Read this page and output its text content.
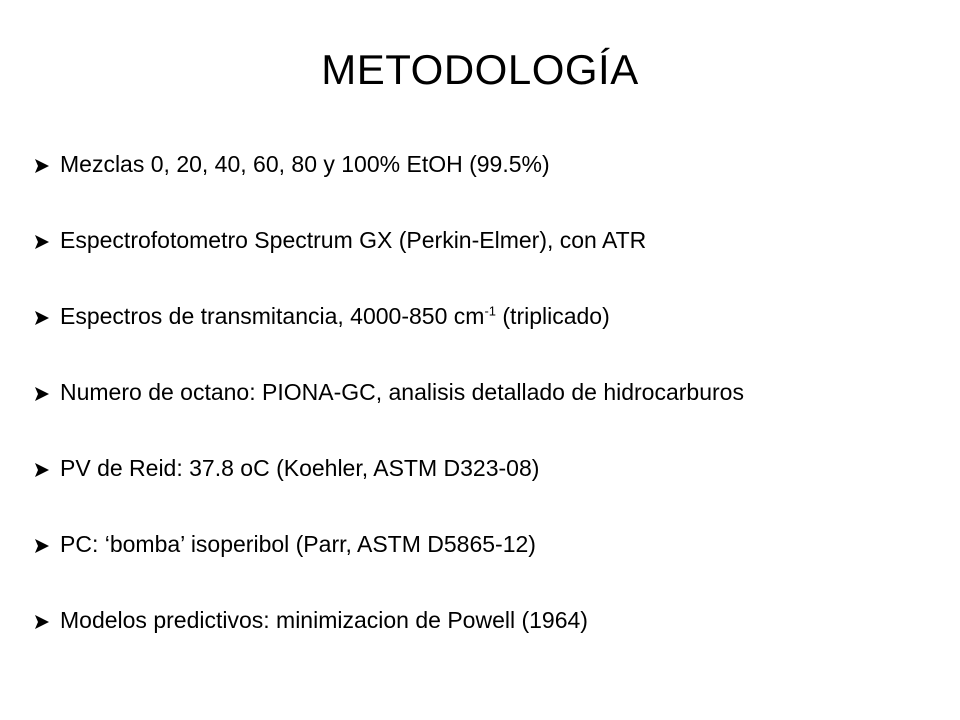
METODOLOGÍA
Mezclas 0, 20, 40, 60, 80 y 100% EtOH (99.5%)
Espectrofotometro Spectrum GX (Perkin-Elmer), con ATR
Espectros de transmitancia, 4000-850 $cm^{-1}$ (triplicado)
Numero de octano: PIONA-GC, analisis detallado de hidrocarburos
PV de Reid: 37.8 oC (Koehler, ASTM D323-08)
PC: ‘bomba’ isoperibol (Parr, ASTM D5865-12)
Modelos predictivos: minimizacion de Powell (1964)
